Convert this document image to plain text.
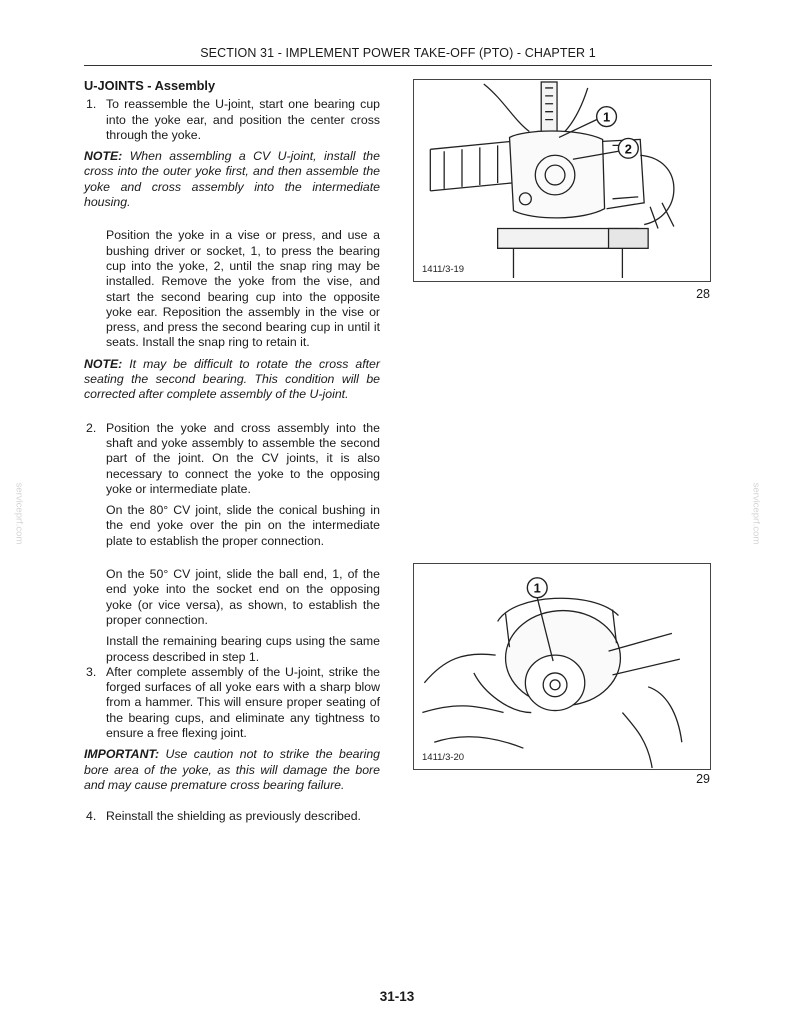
SECTION 31 - IMPLEMENT POWER TAKE-OFF (PTO) - CHAPTER 1
U-JOINTS - Assembly
1. To reassemble the U-joint, start one bearing cup into the yoke ear, and position the center cross through the yoke.
NOTE: When assembling a CV U-joint, install the cross into the outer yoke first, and then assemble the yoke and cross assembly into the intermediate housing.
Position the yoke in a vise or press, and use a bushing driver or socket, 1, to press the bearing cup into the yoke, 2, until the snap ring may be installed. Remove the yoke from the vise, and start the second bearing cup into the opposite yoke ear. Reposition the assembly in the vise or press, and press the second bearing cup in until it seats. Install the snap ring to retain it.
NOTE: It may be difficult to rotate the cross after seating the second bearing. This condition will be corrected after complete assembly of the U-joint.
2. Position the yoke and cross assembly into the shaft and yoke assembly to assemble the second part of the joint. On the CV joints, it is also necessary to connect the yoke to the opposing yoke or intermediate plate.
On the 80° CV joint, slide the conical bushing in the end yoke over the pin on the intermediate plate to establish the proper connection.
On the 50° CV joint, slide the ball end, 1, of the end yoke into the socket end on the opposing yoke (or vice versa), as shown, to establish the proper connection.
Install the remaining bearing cups using the same process described in step 1.
3. After complete assembly of the U-joint, strike the forged surfaces of all yoke ears with a sharp blow from a hammer. This will ensure proper seating of the bearing cups, and eliminate any tightness to ensure a free flexing joint.
IMPORTANT: Use caution not to strike the bearing bore area of the yoke, as this will damage the bore and may cause premature cross bearing failure.
4. Reinstall the shielding as previously described.
1
2
1411/3-19
28
1
1411/3-20
29
serviceprf.com	serviceprf.com
31-13
